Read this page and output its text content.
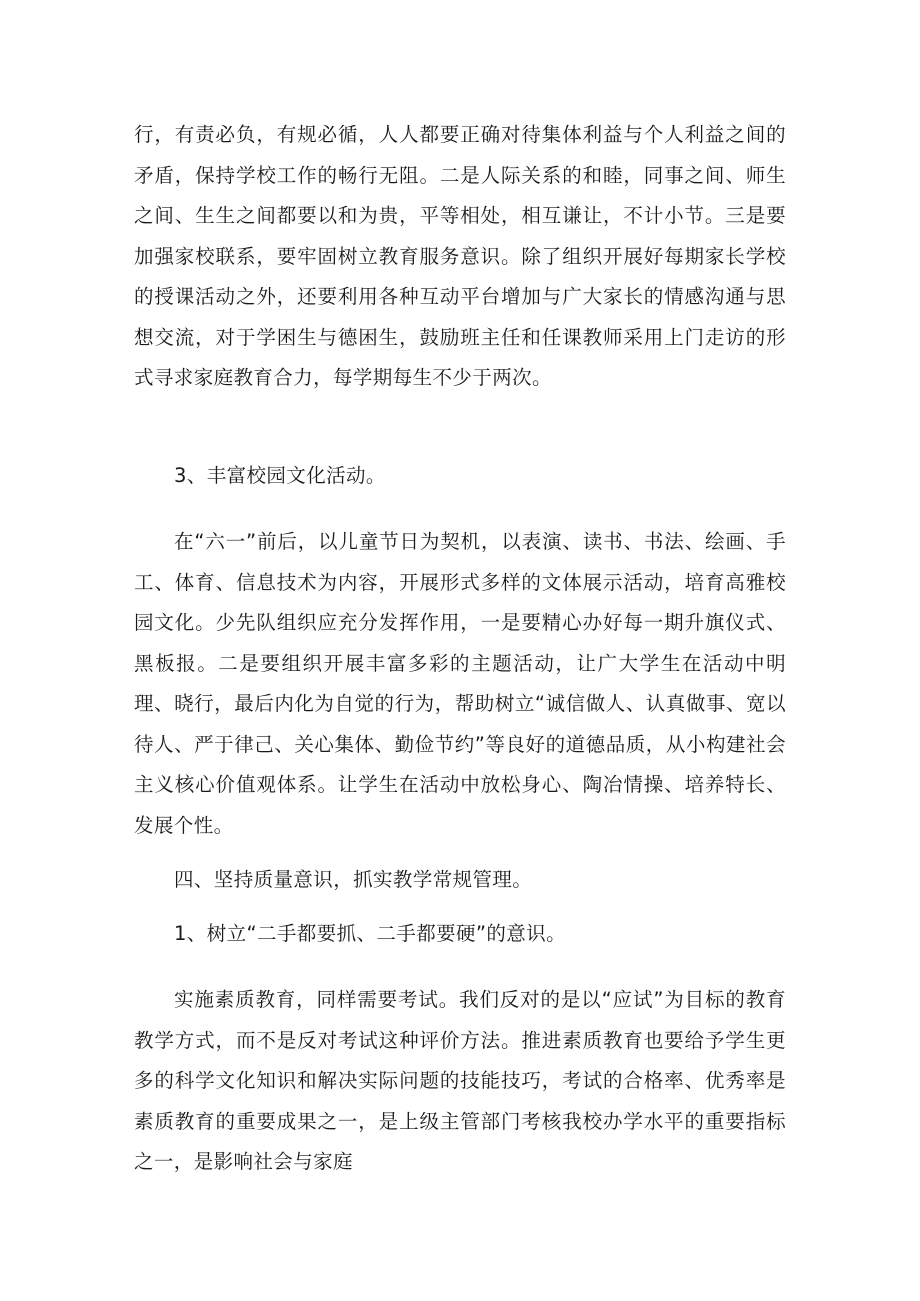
行，有责必负，有规必循，人人都要正确对待集体利益与个人利益之间的矛盾，保持学校工作的畅行无阻。二是人际关系的和睦，同事之间、师生之间、生生之间都要以和为贵，平等相处，相互谦让，不计小节。三是要加强家校联系，要牢固树立教育服务意识。除了组织开展好每期家长学校的授课活动之外，还要利用各种互动平台增加与广大家长的情感沟通与思想交流，对于学困生与德困生，鼓励班主任和任课教师采用上门走访的形式寻求家庭教育合力，每学期每生不少于两次。

3、丰富校园文化活动。

在“六一”前后，以儿童节日为契机，以表演、读书、书法、绘画、手工、体育、信息技术为内容，开展形式多样的文体展示活动，培育高雅校园文化。少先队组织应充分发挥作用，一是要精心办好每一期升旗仪式、黑板报。二是要组织开展丰富多彩的主题活动，让广大学生在活动中明理、晓行，最后内化为自觉的行为，帮助树立“诚信做人、认真做事、宽以待人、严于律己、关心集体、勤俭节约”等良好的道德品质，从小构建社会主义核心价值观体系。让学生在活动中放松身心、陶冶情操、培养特长、发展个性。

四、坚持质量意识，抓实教学常规管理。

1、树立“二手都要抓、二手都要硬”的意识。

实施素质教育，同样需要考试。我们反对的是以“应试”为目标的教育教学方式，而不是反对考试这种评价方法。推进素质教育也要给予学生更多的科学文化知识和解决实际问题的技能技巧，考试的合格率、优秀率是素质教育的重要成果之一，是上级主管部门考核我校办学水平的重要指标之一，是影响社会与家庭
